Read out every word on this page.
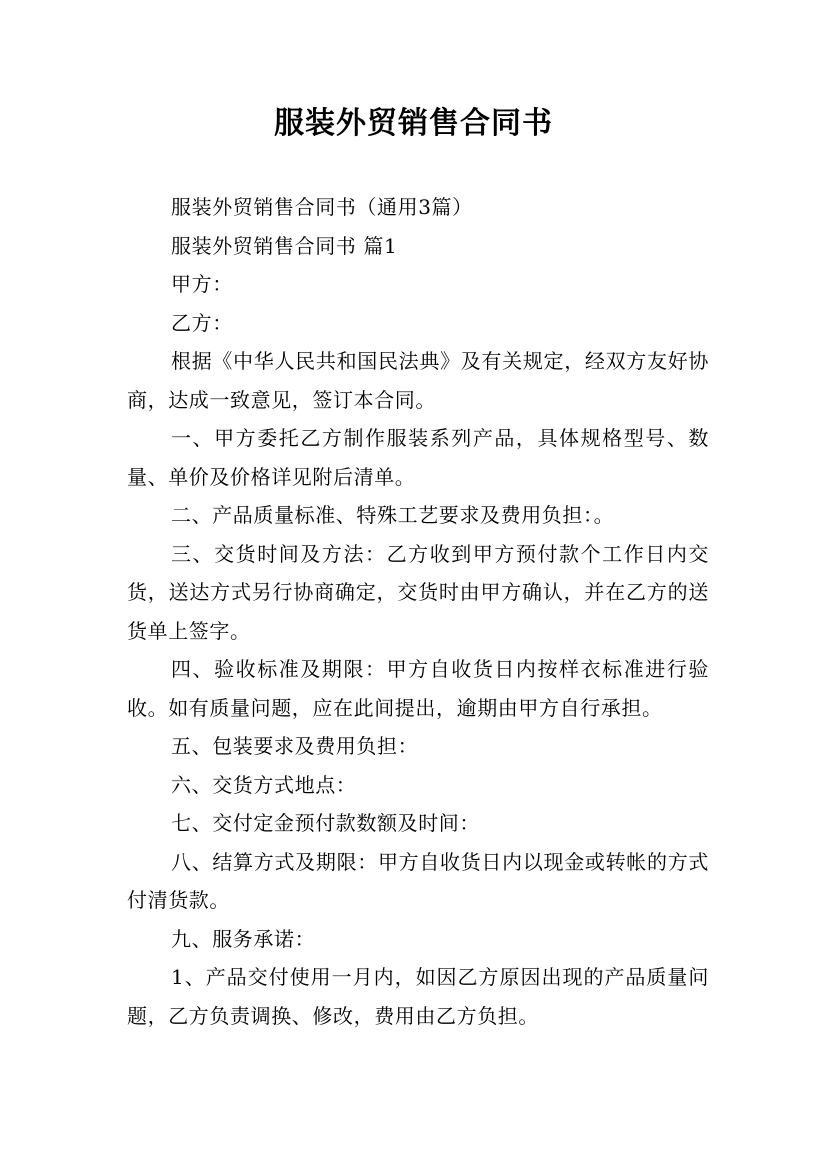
服装外贸销售合同书

服装外贸销售合同书（通用3篇）

服装外贸销售合同书 篇1

甲方：

乙方：

根据《中华人民共和国民法典》及有关规定，经双方友好协商，达成一致意见，签订本合同。

一、甲方委托乙方制作服装系列产品，具体规格型号、数量、单价及价格详见附后清单。

二、产品质量标准、特殊工艺要求及费用负担：。

三、交货时间及方法：乙方收到甲方预付款个工作日内交货，送达方式另行协商确定，交货时由甲方确认，并在乙方的送货单上签字。

四、验收标准及期限：甲方自收货日内按样衣标准进行验收。如有质量问题，应在此间提出，逾期由甲方自行承担。

五、包装要求及费用负担：

六、交货方式地点：

七、交付定金预付款数额及时间：

八、结算方式及期限：甲方自收货日内以现金或转帐的方式付清货款。

九、服务承诺：

1、产品交付使用一月内，如因乙方原因出现的产品质量问题，乙方负责调换、修改，费用由乙方负担。
